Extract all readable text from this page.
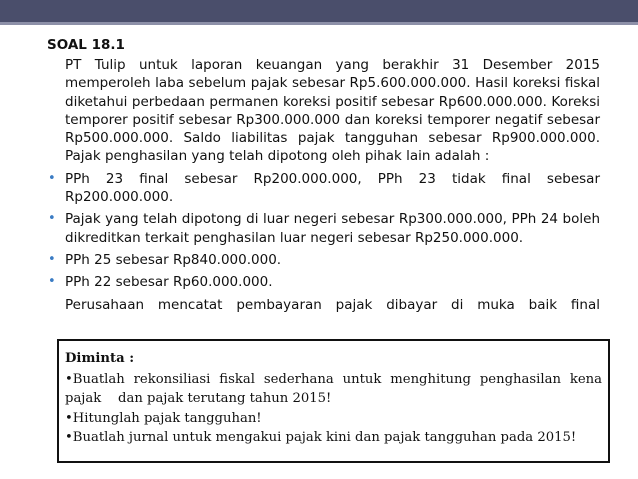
SOAL 18.1

PT Tulip untuk laporan keuangan yang berakhir 31 Desember 2015 memperoleh laba sebelum pajak sebesar Rp5.600.000.000. Hasil koreksi fiskal diketahui perbedaan permanen koreksi positif sebesar Rp600.000.000. Koreksi temporer positif sebesar Rp300.000.000 dan koreksi temporer negatif sebesar Rp500.000.000. Saldo liabilitas pajak tangguhan sebesar Rp900.000.000. Pajak penghasilan yang telah dipotong oleh pihak lain adalah :

• PPh 23 final sebesar Rp200.000.000, PPh 23 tidak final sebesar Rp200.000.000.
• Pajak yang telah dipotong di luar negeri sebesar Rp300.000.000, PPh 24 boleh dikreditkan terkait penghasilan luar negeri sebesar Rp250.000.000.
• PPh 25 sebesar Rp840.000.000.
• PPh 22 sebesar Rp60.000.000.

Perusahaan mencatat pembayaran pajak dibayar di muka baik final

Diminta :
•Buatlah rekonsiliasi fiskal sederhana untuk menghitung penghasilan kena pajak    dan pajak terutang tahun 2015!
•Hitunglah pajak tangguhan!
•Buatlah jurnal untuk mengakui pajak kini dan pajak tangguhan pada 2015!
